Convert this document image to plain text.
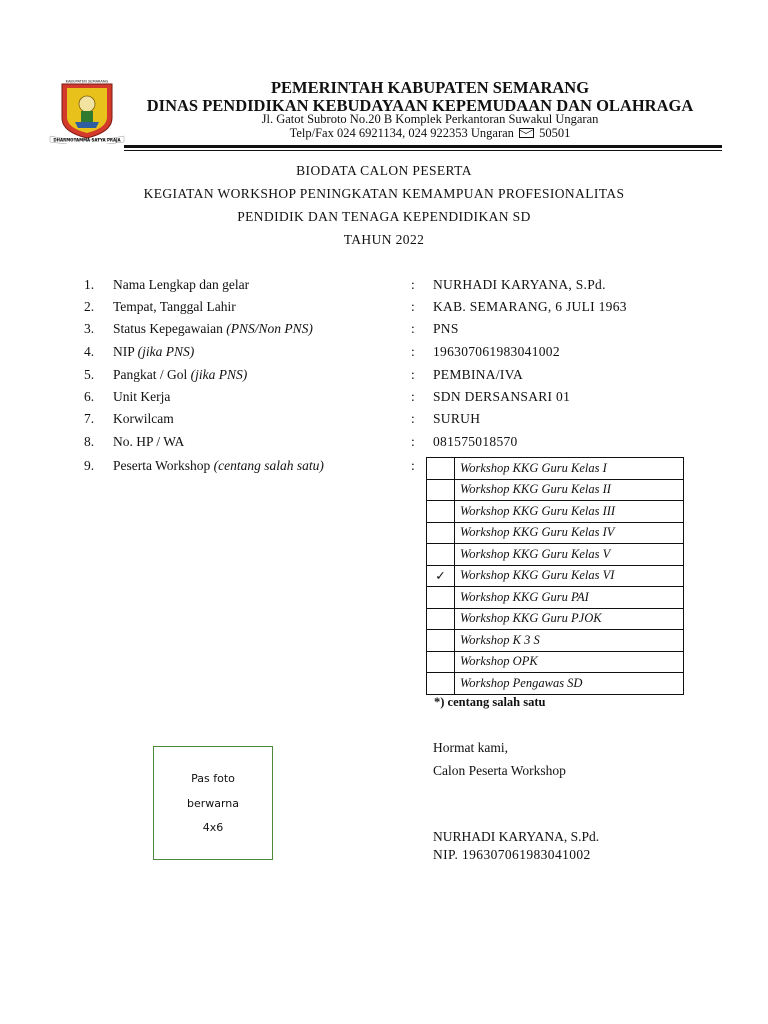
KABUPATEN SEMARANG
DHARMOTAMMA SATYA PRAJA
PEMERINTAH KABUPATEN SEMARANG
DINAS PENDIDIKAN KEBUDAYAAN KEPEMUDAAN DAN OLAHRAGA
Jl. Gatot Subroto No.20 B Komplek Perkantoran Suwakul Ungaran
Telp/Fax 024 6921134, 024 922353 Ungaran 50501
BIODATA CALON PESERTA
KEGIATAN WORKSHOP PENINGKATAN KEMAMPUAN PROFESIONALITAS
PENDIDIK DAN TENAGA KEPENDIDIKAN SD
TAHUN 2022
1. Nama Lengkap dan gelar	: NURHADI KARYANA, S.Pd.
2. Tempat, Tanggal Lahir	: KAB. SEMARANG, 6 JULI 1963
3. Status Kepegawaian (PNS/Non PNS)	: PNS
4. NIP (jika PNS)	: 196307061983041002
5. Pangkat / Gol (jika PNS)	: PEMBINA/IVA
6. Unit Kerja	: SDN DERSANSARI 01
7. Korwilcam	: SURUH
8. No. HP / WA	: 081575018570
9. Peserta Workshop (centang salah satu)	:
		Workshop KKG Guru Kelas I
	Workshop KKG Guru Kelas II
	Workshop KKG Guru Kelas III
	Workshop KKG Guru Kelas IV
	Workshop KKG Guru Kelas V
✓	Workshop KKG Guru Kelas VI
	Workshop KKG Guru PAI
	Workshop KKG Guru PJOK
	Workshop K 3 S
	Workshop OPK
	Workshop Pengawas SD
*) centang salah satu
Pas foto
berwarna
4x6
Hormat kami,
Calon Peserta Workshop
NURHADI KARYANA, S.Pd.
NIP. 196307061983041002
